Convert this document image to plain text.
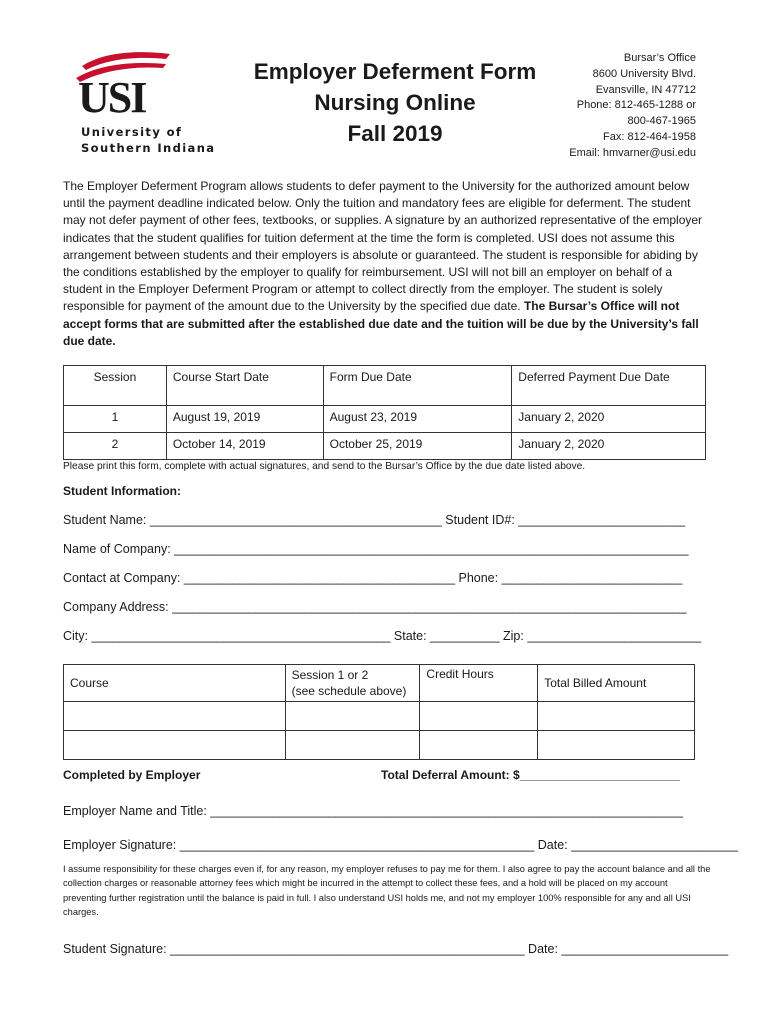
USI
University of
Southern Indiana
Employer Deferment Form
Nursing Online
Fall 2019
Bursar’s Office
8600 University Blvd.
Evansville, IN 47712
Phone: 812-465-1288 or
800-467-1965
Fax: 812-464-1958
Email: hmvarner@usi.edu

The Employer Deferment Program allows students to defer payment to the University for the authorized amount below until the payment deadline indicated below. Only the tuition and mandatory fees are eligible for deferment. The student may not defer payment of other fees, textbooks, or supplies. A signature by an authorized representative of the employer indicates that the student qualifies for tuition deferment at the time the form is completed. USI does not assume this arrangement between students and their employers is absolute or guaranteed. The student is responsible for abiding by the conditions established by the employer to qualify for reimbursement. USI will not bill an employer on behalf of a student in the Employer Deferment Program or attempt to collect directly from the employer. The student is solely responsible for payment of the amount due to the University by the specified due date. The Bursar’s Office will not accept forms that are submitted after the established due date and the tuition will be due by the University’s fall due date.

Session	Course Start Date	Form Due Date	Deferred Payment Due Date
1	August 19, 2019	August 23, 2019	January 2, 2020
2	October 14, 2019	October 25, 2019	January 2, 2020
Please print this form, complete with actual signatures, and send to the Bursar’s Office by the due date listed above.
Student Information:
Student Name: __________________________________________ Student ID#: ________________________
Name of Company: __________________________________________________________________________
Contact at Company: _______________________________________ Phone: __________________________
Company Address: __________________________________________________________________________
City: ___________________________________________ State: __________ Zip: _________________________
Course	Session 1 or 2
(see schedule above)	Credit Hours	Total Billed Amount

Completed by Employer	Total Deferral Amount: $________________________
Employer Name and Title: ____________________________________________________________________
Employer Signature: ___________________________________________________ Date: ________________________

I assume responsibility for these charges even if, for any reason, my employer refuses to pay me for them. I also agree to pay the account balance and all the collection charges or reasonable attorney fees which might be incurred in the attempt to collect these fees, and a hold will be placed on my account preventing further registration until the balance is paid in full. I also understand USI holds me, and not my employer 100% responsible for any and all USI charges.

Student Signature: ___________________________________________________ Date: ________________________
